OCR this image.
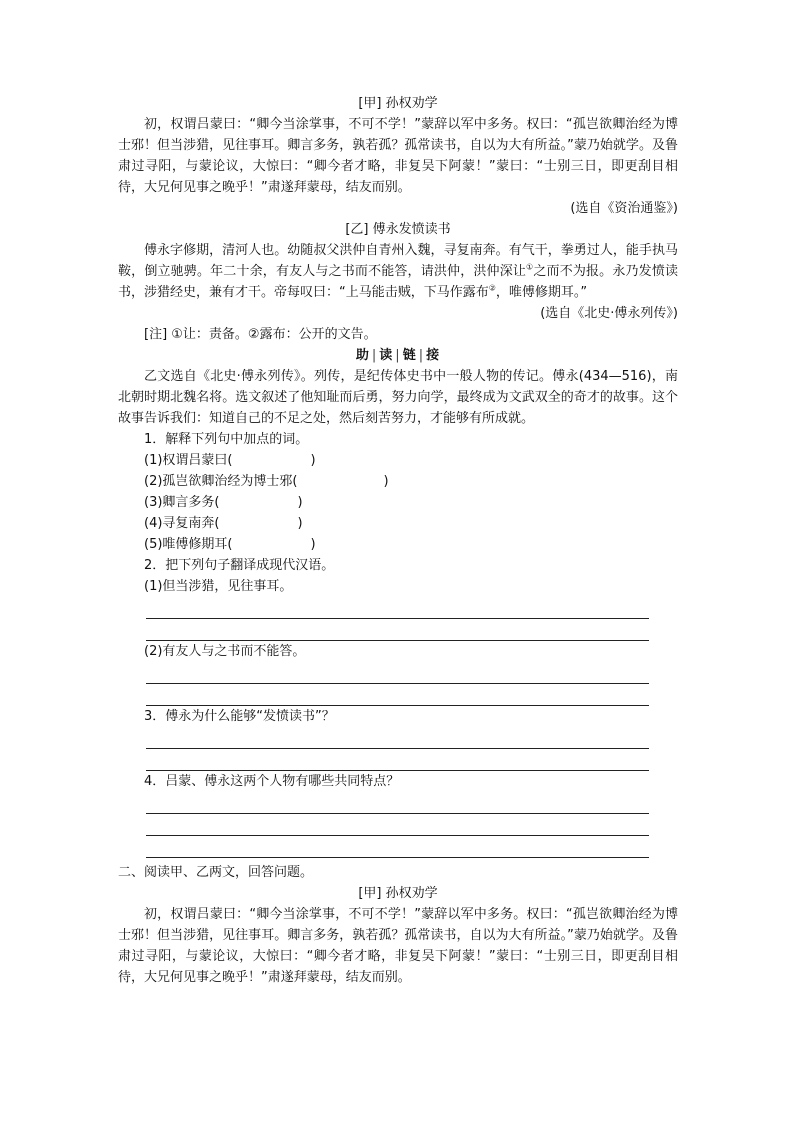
[甲] 孙权劝学

初，权谓吕蒙曰：“卿今当涂掌事，不可不学！”蒙辞以军中多务。权曰：“孤岂欲卿治经为博士邪！但当涉猎，见往事耳。卿言多务，孰若孤？孤常读书，自以为大有所益。”蒙乃始就学。及鲁肃过寻阳，与蒙论议，大惊曰：“卿今者才略，非复吴下阿蒙！”蒙曰：“士别三日，即更刮目相待，大兄何见事之晚乎！”肃遂拜蒙母，结友而别。

(选自《资治通鉴》)

[乙] 傅永发愤读书

傅永字修期，清河人也。幼随叔父洪仲自青州入魏，寻复南奔。有气干，拳勇过人，能手执马鞍，倒立驰骋。年二十余，有友人与之书而不能答，请洪仲，洪仲深让①之而不为报。永乃发愤读书，涉猎经史，兼有才干。帝每叹曰：“上马能击贼，下马作露布②，唯傅修期耳。”

(选自《北史·傅永列传》)

[注] ①让：责备。②露布：公开的文告。

助 | 读 | 链 | 接

乙文选自《北史·傅永列传》。列传，是纪传体史书中一般人物的传记。傅永(434—516)，南北朝时期北魏名将。选文叙述了他知耻而后勇，努力向学，最终成为文武双全的奇才的故事。这个故事告诉我们：知道自己的不足之处，然后刻苦努力，才能够有所成就。

1．解释下列句中加点的词。

(1)权谓吕蒙曰(	)

(2)孤岂欲卿治经为博士邪(	)

(3)卿言多务(	)

(4)寻复南奔(	)

(5)唯傅修期耳(	)

2．把下列句子翻译成现代汉语。

(1)但当涉猎，见往事耳。

(2)有友人与之书而不能答。

3．傅永为什么能够“发愤读书”？

4．吕蒙、傅永这两个人物有哪些共同特点？

二、阅读甲、乙两文，回答问题。

[甲] 孙权劝学

初，权谓吕蒙曰：“卿今当涂掌事，不可不学！”蒙辞以军中多务。权曰：“孤岂欲卿治经为博士邪！但当涉猎，见往事耳。卿言多务，孰若孤？孤常读书，自以为大有所益。”蒙乃始就学。及鲁肃过寻阳，与蒙论议，大惊曰：“卿今者才略，非复吴下阿蒙！”蒙曰：“士别三日，即更刮目相待，大兄何见事之晚乎！”肃遂拜蒙母，结友而别。
